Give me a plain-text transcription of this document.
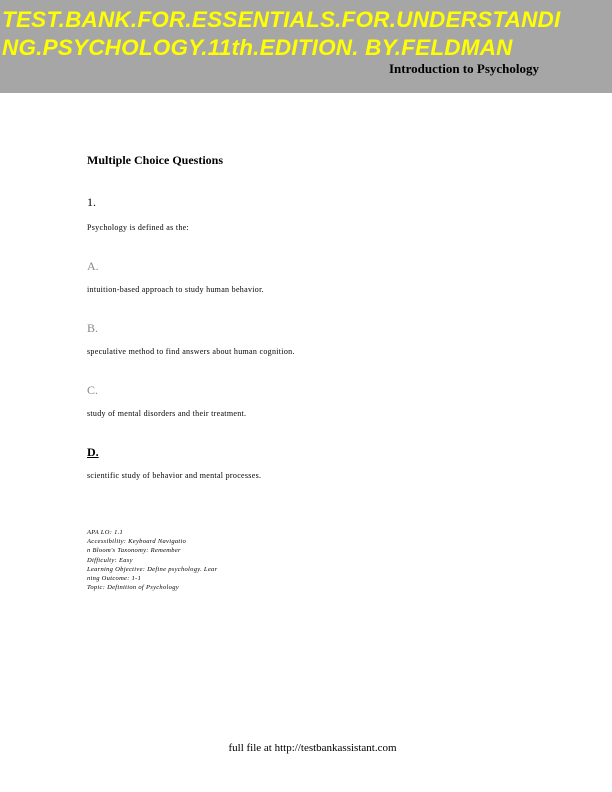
TEST.BANK.FOR.ESSENTIALS.FOR.UNDERSTANDI
NG.PSYCHOLOGY.11th.EDITION. BY.FELDMAN
Introduction to Psychology
Multiple Choice Questions
1.
Psychology is defined as the:
A.
intuition-based approach to study human behavior.
B.
speculative method to find answers about human cognition.
C.
study of mental disorders and their treatment.
D.
scientific study of behavior and mental processes.
APA LO: 1.1
Accessibility: Keyboard Navigatio
n Bloom's Taxonomy: Remember
Difficulty: Easy
Learning Objective: Define psychology. Lear
ning Outcome: 1-1
Topic: Definition of Psychology
full file at http://testbankassistant.com
